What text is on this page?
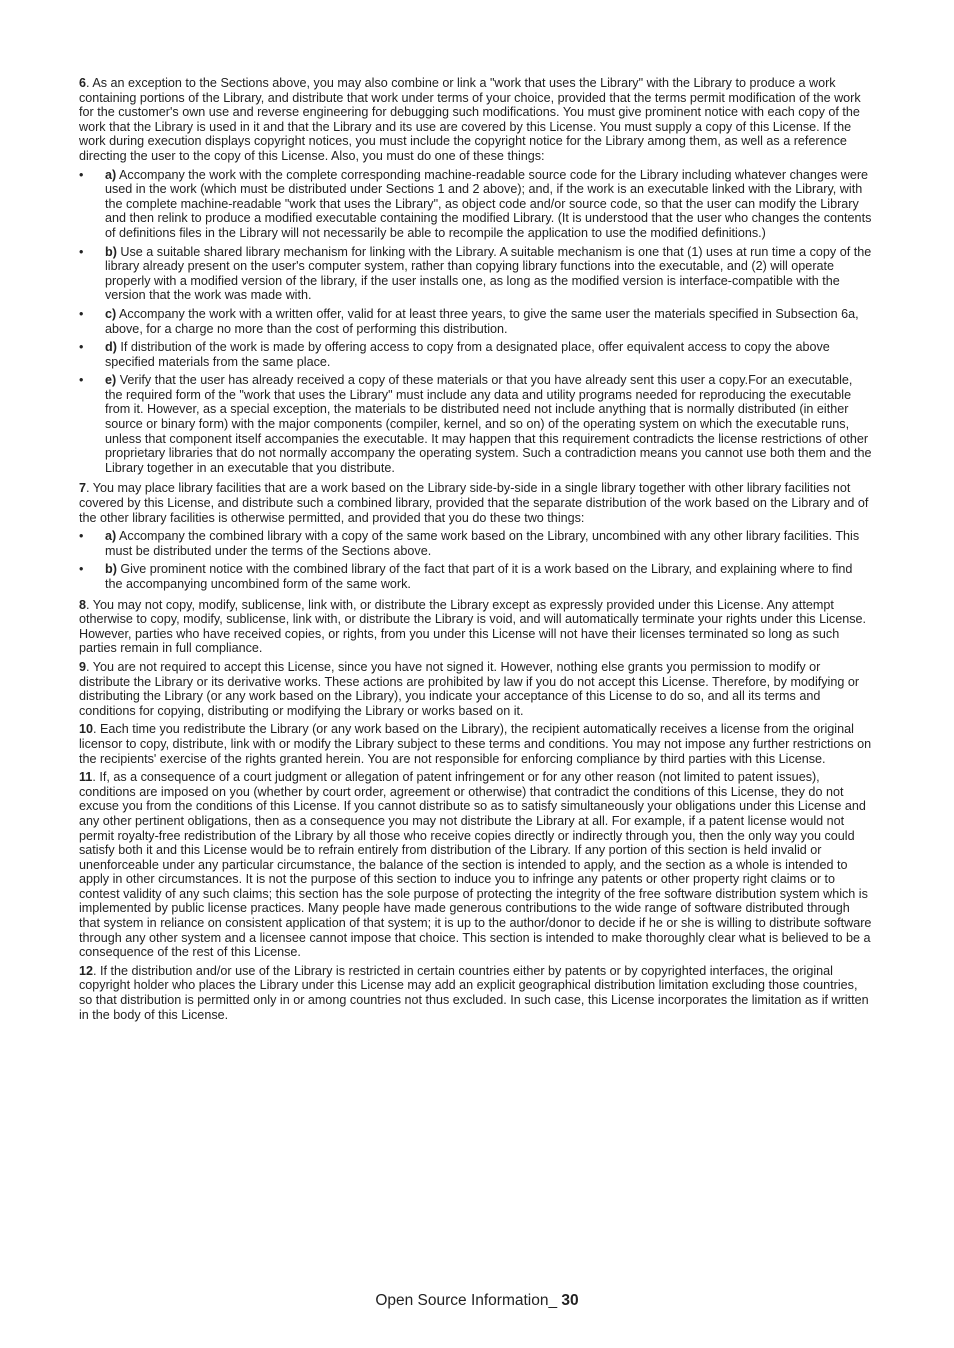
6. As an exception to the Sections above, you may also combine or link a "work that uses the Library" with the Library to produce a work containing portions of the Library, and distribute that work under terms of your choice, provided that the terms permit modification of the work for the customer's own use and reverse engineering for debugging such modifications. You must give prominent notice with each copy of the work that the Library is used in it and that the Library and its use are covered by this License. You must supply a copy of this License. If the work during execution displays copyright notices, you must include the copyright notice for the Library among them, as well as a reference directing the user to the copy of this License. Also, you must do one of these things:

• a) Accompany the work with the complete corresponding machine-readable source code for the Library including whatever changes were used in the work (which must be distributed under Sections 1 and 2 above); and, if the work is an executable linked with the Library, with the complete machine-readable "work that uses the Library", as object code and/or source code, so that the user can modify the Library and then relink to produce a modified executable containing the modified Library. (It is understood that the user who changes the contents of definitions files in the Library will not necessarily be able to recompile the application to use the modified definitions.)
• b) Use a suitable shared library mechanism for linking with the Library. A suitable mechanism is one that (1) uses at run time a copy of the library already present on the user's computer system, rather than copying library functions into the executable, and (2) will operate properly with a modified version of the library, if the user installs one, as long as the modified version is interface-compatible with the version that the work was made with.
• c) Accompany the work with a written offer, valid for at least three years, to give the same user the materials specified in Subsection 6a, above, for a charge no more than the cost of performing this distribution.
• d) If distribution of the work is made by offering access to copy from a designated place, offer equivalent access to copy the above specified materials from the same place.
• e) Verify that the user has already received a copy of these materials or that you have already sent this user a copy.For an executable, the required form of the "work that uses the Library" must include any data and utility programs needed for reproducing the executable from it. However, as a special exception, the materials to be distributed need not include anything that is normally distributed (in either source or binary form) with the major components (compiler, kernel, and so on) of the operating system on which the executable runs, unless that component itself accompanies the executable. It may happen that this requirement contradicts the license restrictions of other proprietary libraries that do not normally accompany the operating system. Such a contradiction means you cannot use both them and the Library together in an executable that you distribute.

7. You may place library facilities that are a work based on the Library side-by-side in a single library together with other library facilities not covered by this License, and distribute such a combined library, provided that the separate distribution of the work based on the Library and of the other library facilities is otherwise permitted, and provided that you do these two things:

• a) Accompany the combined library with a copy of the same work based on the Library, uncombined with any other library facilities. This must be distributed under the terms of the Sections above.
• b) Give prominent notice with the combined library of the fact that part of it is a work based on the Library, and explaining where to find the accompanying uncombined form of the same work.

8. You may not copy, modify, sublicense, link with, or distribute the Library except as expressly provided under this License. Any attempt otherwise to copy, modify, sublicense, link with, or distribute the Library is void, and will automatically terminate your rights under this License. However, parties who have received copies, or rights, from you under this License will not have their licenses terminated so long as such parties remain in full compliance.

9. You are not required to accept this License, since you have not signed it. However, nothing else grants you permission to modify or distribute the Library or its derivative works. These actions are prohibited by law if you do not accept this License. Therefore, by modifying or distributing the Library (or any work based on the Library), you indicate your acceptance of this License to do so, and all its terms and conditions for copying, distributing or modifying the Library or works based on it.

10. Each time you redistribute the Library (or any work based on the Library), the recipient automatically receives a license from the original licensor to copy, distribute, link with or modify the Library subject to these terms and conditions. You may not impose any further restrictions on the recipients' exercise of the rights granted herein. You are not responsible for enforcing compliance by third parties with this License.

11. If, as a consequence of a court judgment or allegation of patent infringement or for any other reason (not limited to patent issues), conditions are imposed on you (whether by court order, agreement or otherwise) that contradict the conditions of this License, they do not excuse you from the conditions of this License. If you cannot distribute so as to satisfy simultaneously your obligations under this License and any other pertinent obligations, then as a consequence you may not distribute the Library at all. For example, if a patent license would not permit royalty-free redistribution of the Library by all those who receive copies directly or indirectly through you, then the only way you could satisfy both it and this License would be to refrain entirely from distribution of the Library. If any portion of this section is held invalid or unenforceable under any particular circumstance, the balance of the section is intended to apply, and the section as a whole is intended to apply in other circumstances. It is not the purpose of this section to induce you to infringe any patents or other property right claims or to contest validity of any such claims; this section has the sole purpose of protecting the integrity of the free software distribution system which is implemented by public license practices. Many people have made generous contributions to the wide range of software distributed through that system in reliance on consistent application of that system; it is up to the author/donor to decide if he or she is willing to distribute software through any other system and a licensee cannot impose that choice. This section is intended to make thoroughly clear what is believed to be a consequence of the rest of this License.

12. If the distribution and/or use of the Library is restricted in certain countries either by patents or by copyrighted interfaces, the original copyright holder who places the Library under this License may add an explicit geographical distribution limitation excluding those countries, so that distribution is permitted only in or among countries not thus excluded. In such case, this License incorporates the limitation as if written in the body of this License.

Open Source Information_ 30
